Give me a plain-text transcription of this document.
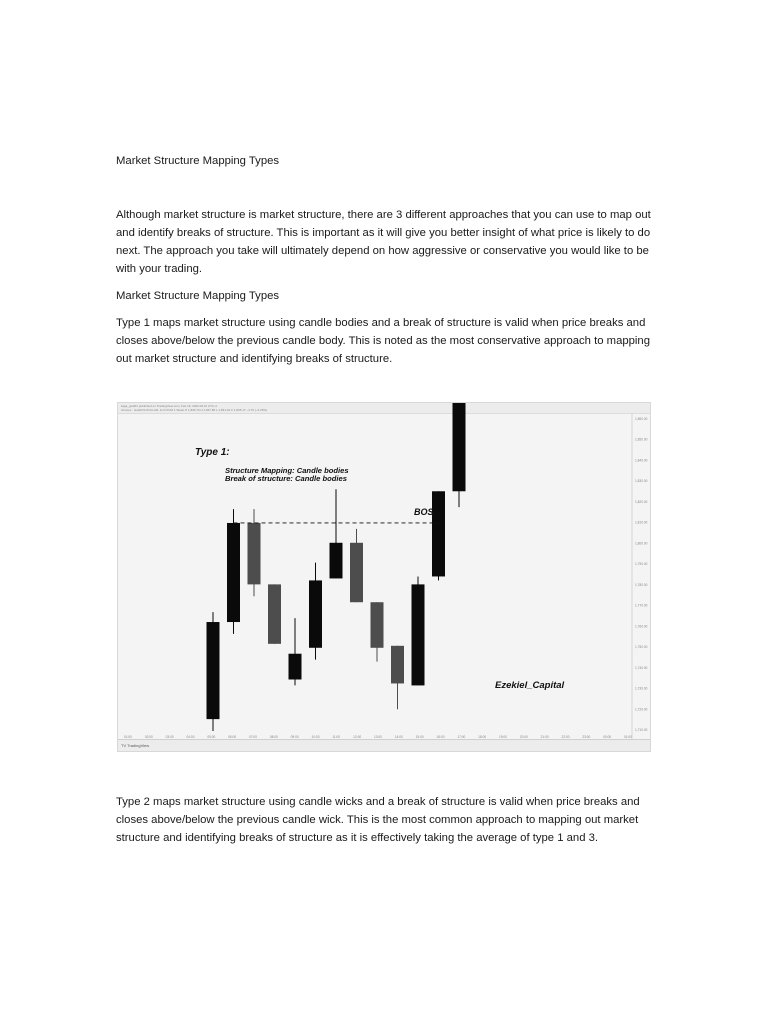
Market Structure Mapping Types

Although market structure is market structure, there are 3 different approaches that you can use to map out and identify breaks of structure. This is important as it will give you better insight of what price is likely to do next. The approach you take will ultimately depend on how aggressive or conservative you would like to be with your trading.

Market Structure Mapping Types

Type 1 maps market structure using candle bodies and a break of structure is valid when price breaks and closes above/below the previous candle body. This is noted as the most conservative approach to mapping out market structure and identifying breaks of structure.

ilaga_gold01 published on TradingView.com, Feb 16, 2023 00:10 UTC-4
Ounces · Gold/US DOLLAR, 1H FXCM 1 Week O 1,836.76 H 1,837.86 L 1,831.04 C 1,835.17 −4.70 (−0.25%)
1,860.00
1,850.00
1,840.00
1,830.00
1,820.00
1,810.00
1,800.00
1,790.00
1,780.00
1,770.00
1,760.00
1,750.00
1,740.00
1,730.00
1,720.00
1,710.00
01:00	02:00	03:00	04:00	05:00	06:00	07:00	08:00	09:00	10:00	11:00	12:00	13:00	14:00	15:00	16:00	17:00	18:00	19:00	20:00	21:00	22:00	23:00	00:00	01:00
Type 1:
Structure Mapping: Candle bodies
Break of structure: Candle bodies
BOS
Ezekiel_Capital
TV TradingView

Type 2 maps market structure using candle wicks and a break of structure is valid when price breaks and closes above/below the previous candle wick. This is the most common approach to mapping out market structure and identifying breaks of structure as it is effectively taking the average of type 1 and 3.
